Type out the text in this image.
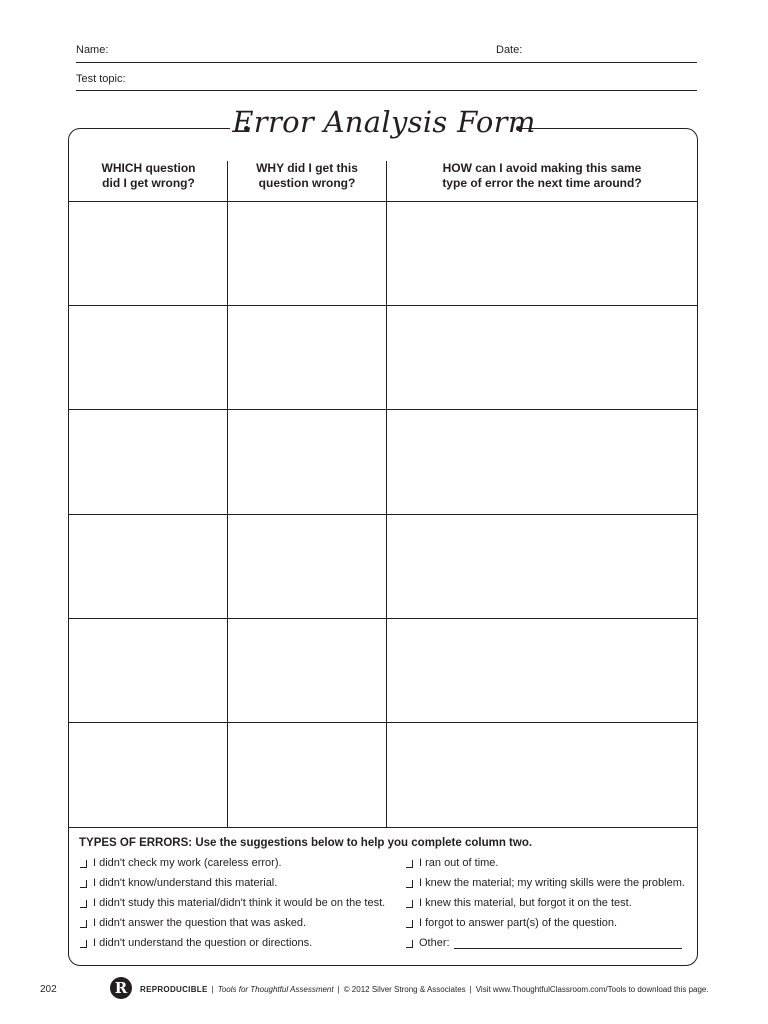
Name:	Date:
Test topic:
Error Analysis Form
WHICH question
did I get wrong?
WHY did I get this
question wrong?
HOW can I avoid making this same
type of error the next time around?
TYPES OF ERRORS: Use the suggestions below to help you complete column two.
I didn't check my work (careless error).
I didn't know/understand this material.
I didn't study this material/didn't think it would be on the test.
I didn't answer the question that was asked.
I didn't understand the question or directions.
I ran out of time.
I knew the material; my writing skills were the problem.
I knew this material, but forgot it on the test.
I forgot to answer part(s) of the question.
Other:
202	R	REPRODUCIBLE | Tools for Thoughtful Assessment | © 2012 Silver Strong & Associates | Visit www.ThoughtfulClassroom.com/Tools to download this page.
